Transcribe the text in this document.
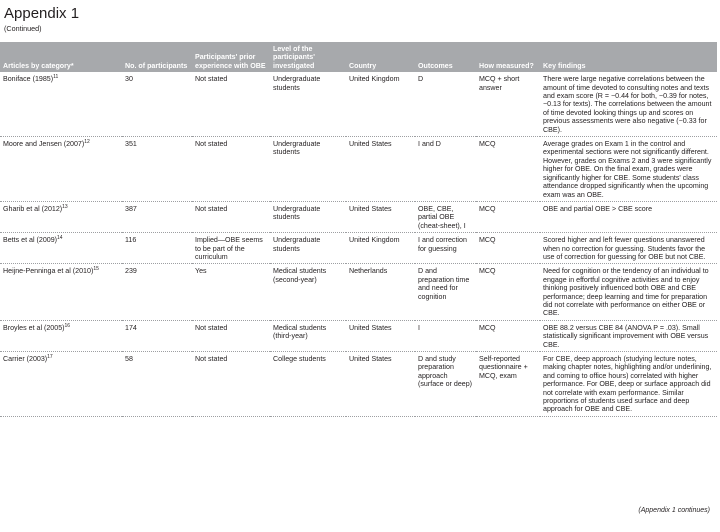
Appendix 1
(Continued)
Articles by category*	No. of participants	Participants' prior experience with OBE	Level of the participants' investigated	Country	Outcomes	How measured?	Key findings
Boniface $(1985)^{11}$	30	Not stated	Undergraduate students	United Kingdom	D	MCQ + short answer	There were large negative correlations between the amount of time devoted to consulting notes and texts and exam score (R = −0.44 for both, −0.39 for notes, −0.13 for texts). The correlations between the amount of time devoted looking things up and scores on previous assessments were also negative (−0.33 for CBE).
Moore and Jensen $(2007)^{12}$	351	Not stated	Undergraduate students	United States	I and D	MCQ	Average grades on Exam 1 in the control and experimental sections were not significantly different. However, grades on Exams 2 and 3 were significantly higher for OBE. On the final exam, grades were significantly higher for CBE. Some students' class attendance dropped significantly when the upcoming exam was an OBE.
Gharib et al $(2012)^{13}$	387	Not stated	Undergraduate students	United States	OBE, CBE, partial OBE (cheat-sheet), I	MCQ	OBE and partial OBE > CBE score
Betts et al $(2009)^{14}$	116	Implied—OBE seems to be part of the curriculum	Undergraduate students	United Kingdom	I and correction for guessing	MCQ	Scored higher and left fewer questions unanswered when no correction for guessing. Students favor the use of correction for guessing for OBE but not CBE.
Heijne-Penninga et al $(2010)^{15}$	239	Yes	Medical students (second-year)	Netherlands	D and preparation time and need for cognition	MCQ	Need for cognition or the tendency of an individual to engage in effortful cognitive activities and to enjoy thinking positively influenced both OBE and CBE performance; deep learning and time for preparation did not correlate with performance on either OBE or CBE.
Broyles et al $(2005)^{16}$	174	Not stated	Medical students (third-year)	United States	I	MCQ	OBE 88.2 versus CBE 84 (ANOVA P = .03). Small statistically significant improvement with OBE versus CBE.
Carrier $(2003)^{17}$	58	Not stated	College students	United States	D and study preparation approach (surface or deep)	Self-reported questionnaire + MCQ, exam	For CBE, deep approach (studying lecture notes, making chapter notes, highlighting and/or underlining, and coming to office hours) correlated with higher performance. For OBE, deep or surface approach did not correlate with exam performance. Similar proportions of students used surface and deep approach for OBE and CBE.
(Appendix 1 continues)
